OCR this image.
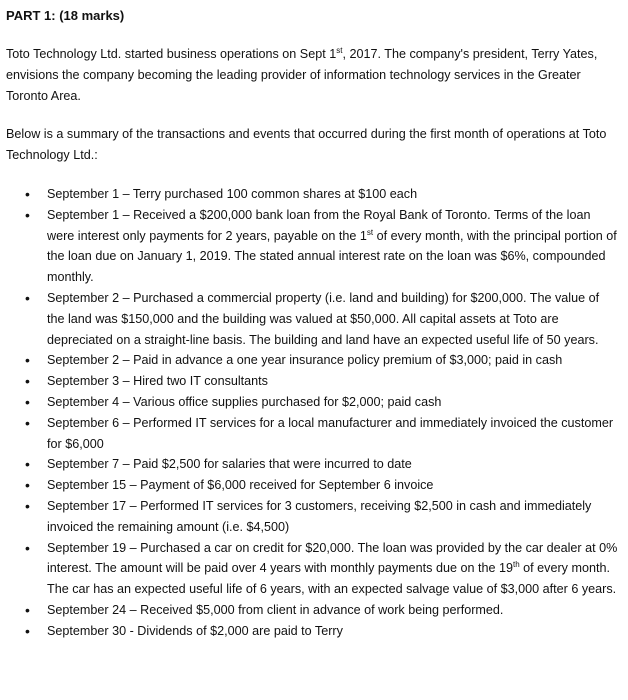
PART 1: (18 marks)

Toto Technology Ltd. started business operations on Sept 1st, 2017. The company's president, Terry Yates, envisions the company becoming the leading provider of information technology services in the Greater Toronto Area.

Below is a summary of the transactions and events that occurred during the first month of operations at Toto Technology Ltd.:

• September 1 – Terry purchased 100 common shares at $100 each
• September 1 – Received a $200,000 bank loan from the Royal Bank of Toronto. Terms of the loan were interest only payments for 2 years, payable on the 1st of every month, with the principal portion of the loan due on January 1, 2019. The stated annual interest rate on the loan was $6%, compounded monthly.
• September 2 – Purchased a commercial property (i.e. land and building) for $200,000. The value of the land was $150,000 and the building was valued at $50,000. All capital assets at Toto are depreciated on a straight-line basis. The building and land have an expected useful life of 50 years.
• September 2 – Paid in advance a one year insurance policy premium of $3,000; paid in cash
• September 3 – Hired two IT consultants
• September 4 – Various office supplies purchased for $2,000; paid cash
• September 6 – Performed IT services for a local manufacturer and immediately invoiced the customer for $6,000
• September 7 – Paid $2,500 for salaries that were incurred to date
• September 15 – Payment of $6,000 received for September 6 invoice
• September 17 – Performed IT services for 3 customers, receiving $2,500 in cash and immediately invoiced the remaining amount (i.e. $4,500)
• September 19 – Purchased a car on credit for $20,000. The loan was provided by the car dealer at 0% interest. The amount will be paid over 4 years with monthly payments due on the 19th of every month. The car has an expected useful life of 6 years, with an expected salvage value of $3,000 after 6 years.
• September 24 – Received $5,000 from client in advance of work being performed.
• September 30 - Dividends of $2,000 are paid to Terry
